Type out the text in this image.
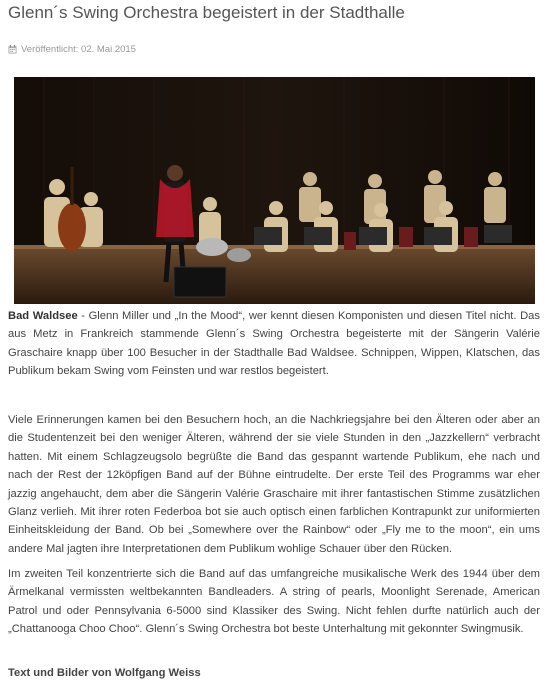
Glenn´s Swing Orchestra begeistert in der Stadthalle
Veröffentlicht: 02. Mai 2015
Bad Waldsee - Glenn Miller und „In the Mood“, wer kennt diesen Komponisten und diesen Titel nicht. Das aus Metz in Frankreich stammende Glenn´s Swing Orchestra begeisterte mit der Sängerin Valérie Graschaire knapp über 100 Besucher in der Stadthalle Bad Waldsee. Schnippen, Wippen, Klatschen, das Publikum bekam Swing vom Feinsten und war restlos begeistert.
Viele Erinnerungen kamen bei den Besuchern hoch, an die Nachkriegsjahre bei den Älteren oder aber an die Studentenzeit bei den weniger Älteren, während der sie viele Stunden in den „Jazzkellern“ verbracht hatten. Mit einem Schlagzeugsolo begrüßte die Band das gespannt wartende Publikum, ehe nach und nach der Rest der 12köpfigen Band auf der Bühne eintrudelte. Der erste Teil des Programms war eher jazzig angehaucht, dem aber die Sängerin Valérie Graschaire mit ihrer fantastischen Stimme zusätzlichen Glanz verlieh. Mit ihrer roten Federboa bot sie auch optisch einen farblichen Kontrapunkt zur uniformierten Einheitskleidung der Band. Ob bei „Somewhere over the Rainbow“ oder „Fly me to the moon“, ein ums andere Mal jagten ihre Interpretationen dem Publikum wohlige Schauer über den Rücken.
Im zweiten Teil konzentrierte sich die Band auf das umfangreiche musikalische Werk des 1944 über dem Ärmelkanal vermissten weltbekannten Bandleaders. A string of pearls, Moonlight Serenade, American Patrol und oder Pennsylvania 6-5000 sind Klassiker des Swing. Nicht fehlen durfte natürlich auch der „Chattanooga Choo Choo“. Glenn´s Swing Orchestra bot beste Unterhaltung mit gekonnter Swingmusik.
Text und Bilder von Wolfgang Weiss
